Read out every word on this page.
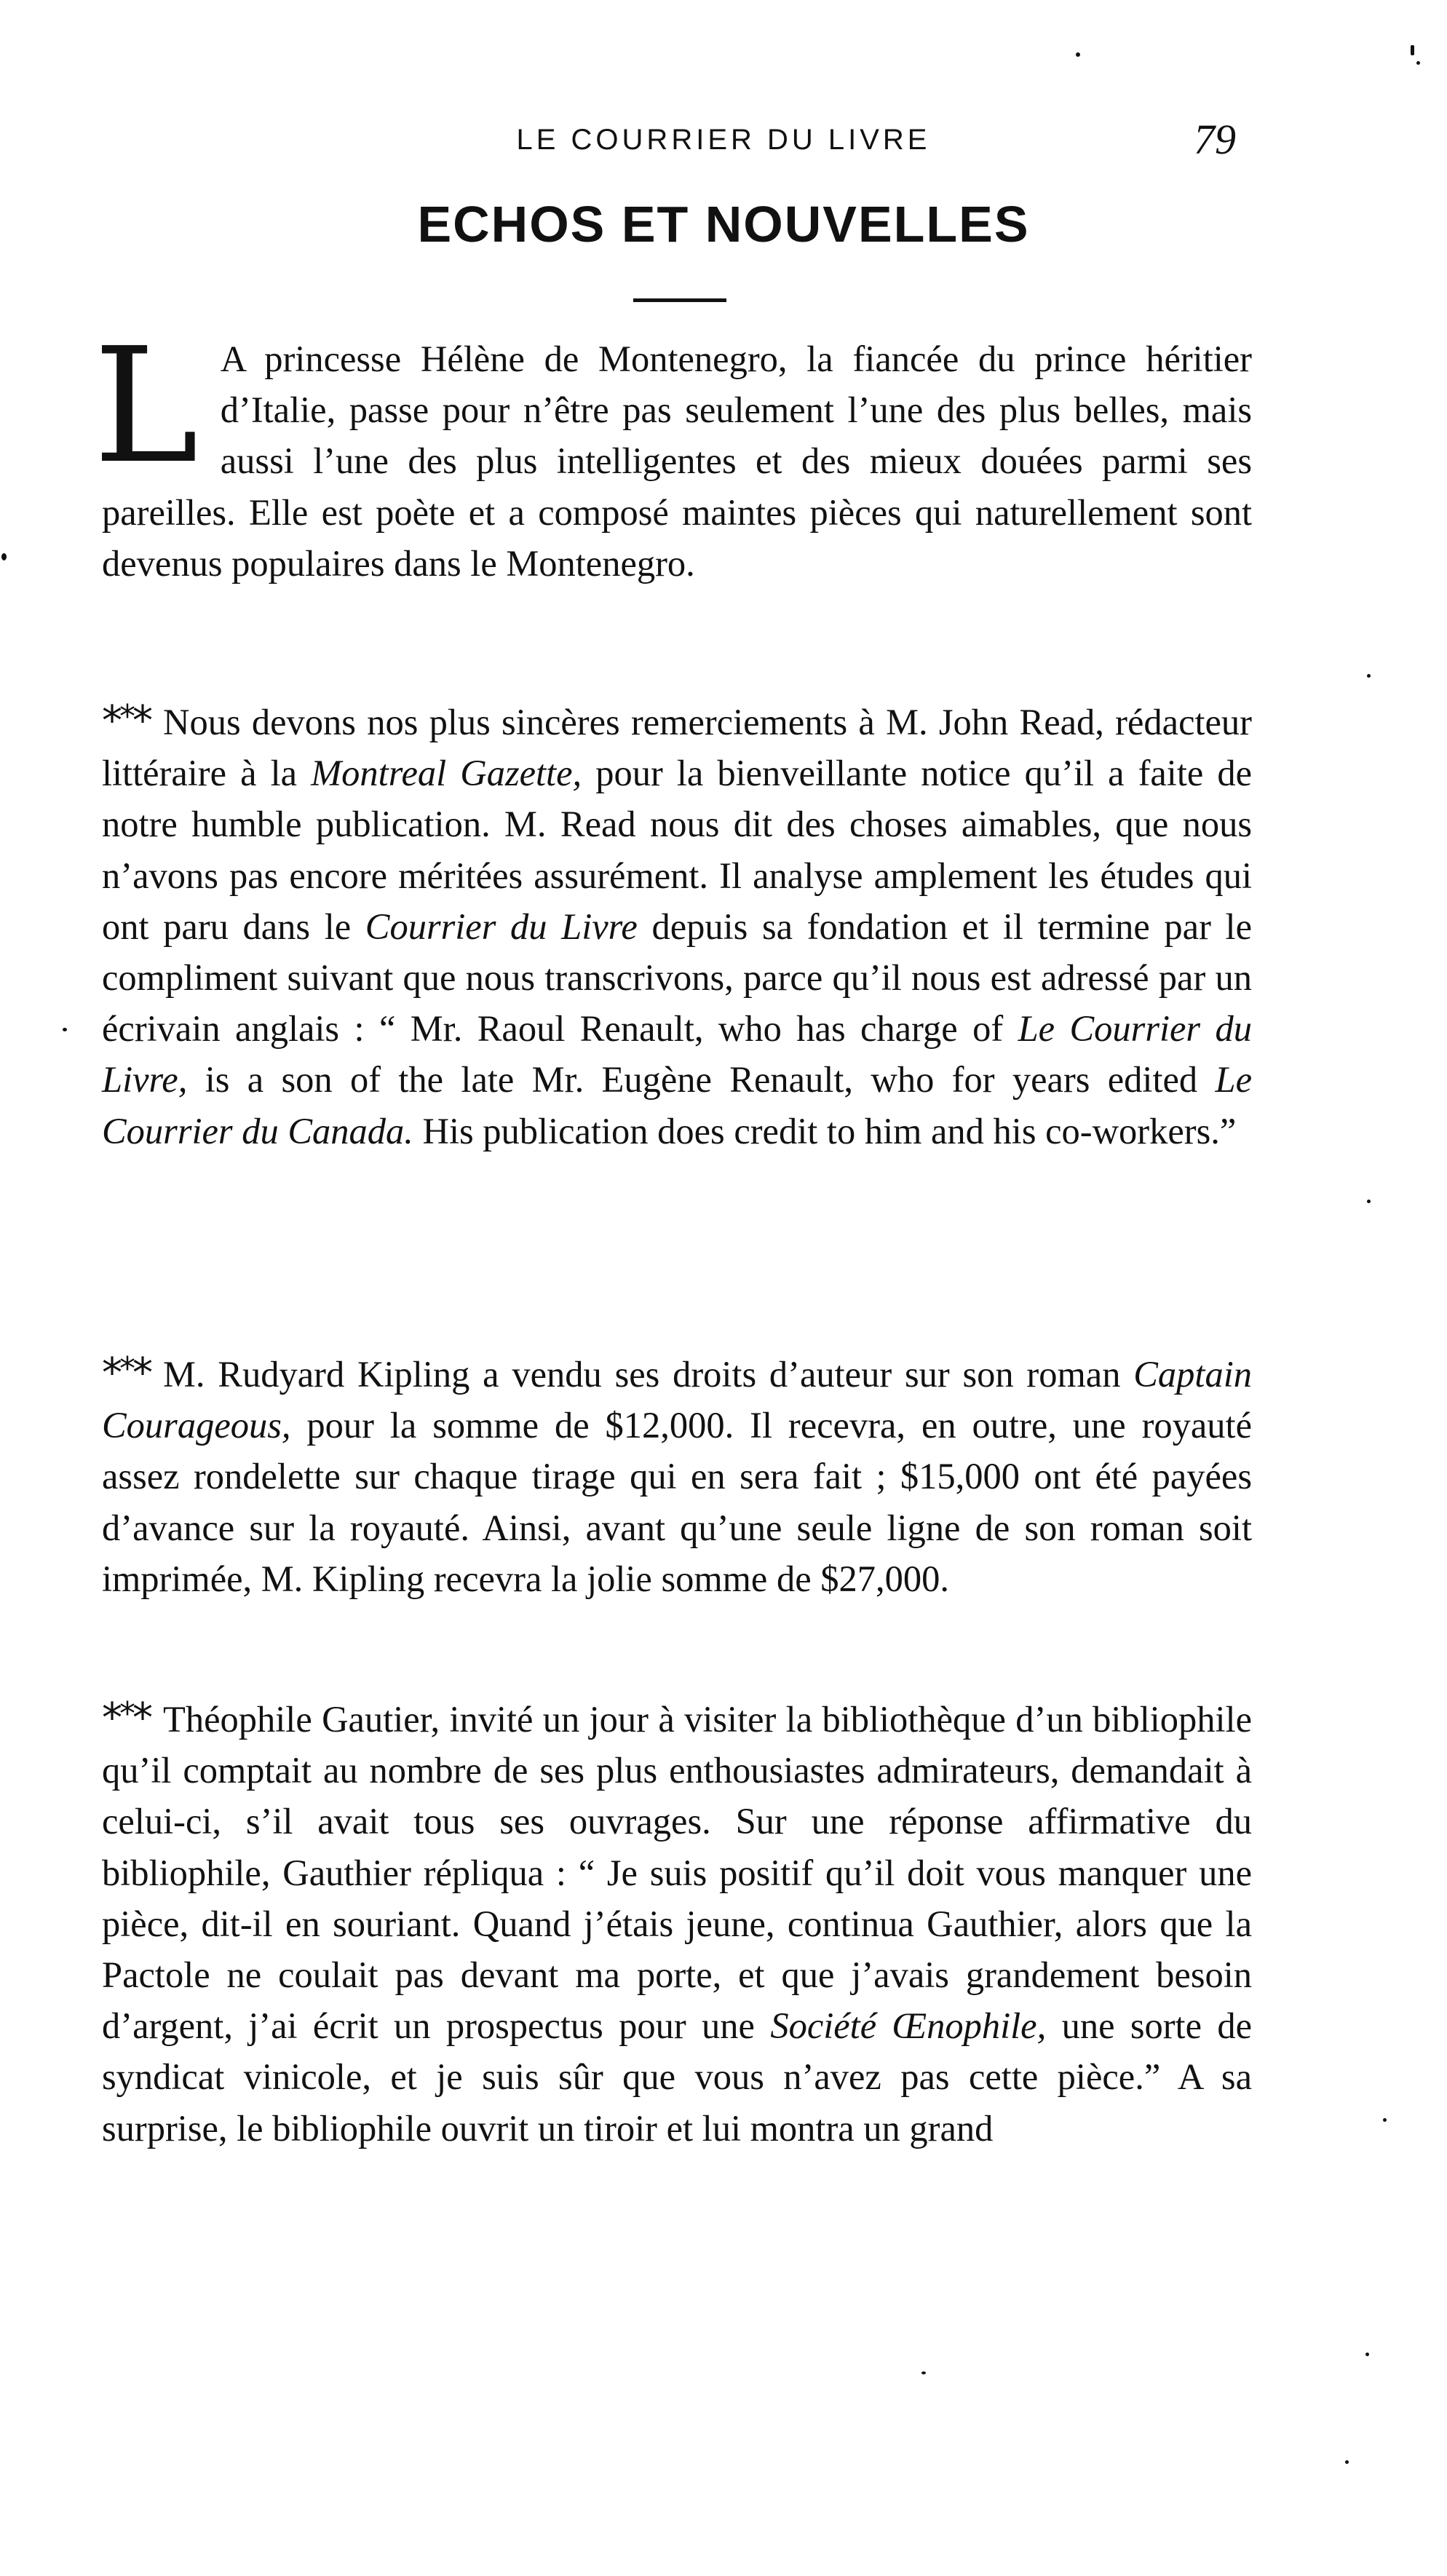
LE COURRIER DU LIVRE	79
ECHOS ET NOUVELLES

L A princesse Hélène de Montenegro, la fiancée du prince héritier d’Italie, passe pour n’être pas seulement l’une des plus belles, mais aussi l’une des plus intelligentes et des mieux douées parmi ses pareilles. Elle est poète et a composé maintes pièces qui naturellement sont devenus populaires dans le Montenegro.

*** Nous devons nos plus sincères remerciements à M. John Read, rédacteur littéraire à la Montreal Gazette, pour la bienveillante notice qu’il a faite de notre humble publication. M. Read nous dit des choses aimables, que nous n’avons pas encore méritées assurément. Il analyse amplement les études qui ont paru dans le Courrier du Livre depuis sa fondation et il termine par le compliment suivant que nous transcrivons, parce qu’il nous est adressé par un écrivain anglais : “ Mr. Raoul Renault, who has charge of Le Courrier du Livre, is a son of the late Mr. Eugène Renault, who for years edited Le Courrier du Canada. His publication does credit to him and his co-workers.”

*** M. Rudyard Kipling a vendu ses droits d’auteur sur son roman Captain Courageous, pour la somme de $12,000. Il recevra, en outre, une royauté assez rondelette sur chaque tirage qui en sera fait ; $15,000 ont été payées d’avance sur la royauté. Ainsi, avant qu’une seule ligne de son roman soit imprimée, M. Kipling recevra la jolie somme de $27,000.

*** Théophile Gautier, invité un jour à visiter la bibliothèque d’un bibliophile qu’il comptait au nombre de ses plus enthousiastes admirateurs, demandait à celui-ci, s’il avait tous ses ouvrages. Sur une réponse affirmative du bibliophile, Gauthier répliqua : “ Je suis positif qu’il doit vous manquer une pièce, dit-il en souriant. Quand j’étais jeune, continua Gauthier, alors que la Pactole ne coulait pas devant ma porte, et que j’avais grandement besoin d’argent, j’ai écrit un prospectus pour une Société Œnophile, une sorte de syndicat vinicole, et je suis sûr que vous n’avez pas cette pièce.” A sa surprise, le bibliophile ouvrit un tiroir et lui montra un grand
